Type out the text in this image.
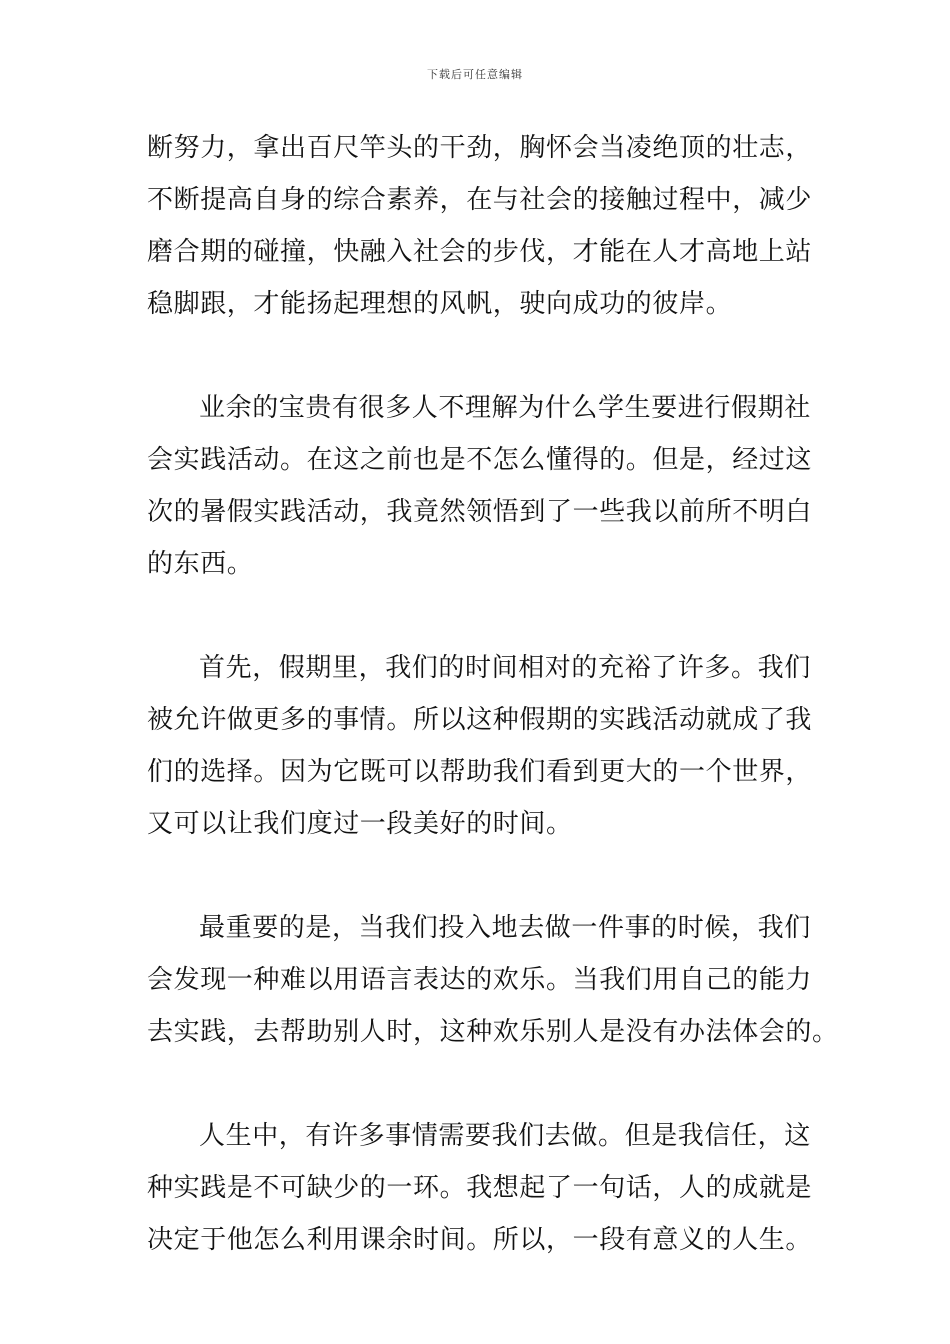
下载后可任意编辑
断努力，拿出百尺竿头的干劲，胸怀会当凌绝顶的壮志，
不断提高自身的综合素养，在与社会的接触过程中，减少
磨合期的碰撞，快融入社会的步伐，才能在人才高地上站
稳脚跟，才能扬起理想的风帆，驶向成功的彼岸。
业余的宝贵有很多人不理解为什么学生要进行假期社
会实践活动。在这之前也是不怎么懂得的。但是，经过这
次的暑假实践活动，我竟然领悟到了一些我以前所不明白
的东西。
首先，假期里，我们的时间相对的充裕了许多。我们
被允许做更多的事情。所以这种假期的实践活动就成了我
们的选择。因为它既可以帮助我们看到更大的一个世界，
又可以让我们度过一段美好的时间。
最重要的是，当我们投入地去做一件事的时候，我们
会发现一种难以用语言表达的欢乐。当我们用自己的能力
去实践，去帮助别人时，这种欢乐别人是没有办法体会的。
人生中，有许多事情需要我们去做。但是我信任，这
种实践是不可缺少的一环。我想起了一句话，人的成就是
决定于他怎么利用课余时间。所以，一段有意义的人生。
